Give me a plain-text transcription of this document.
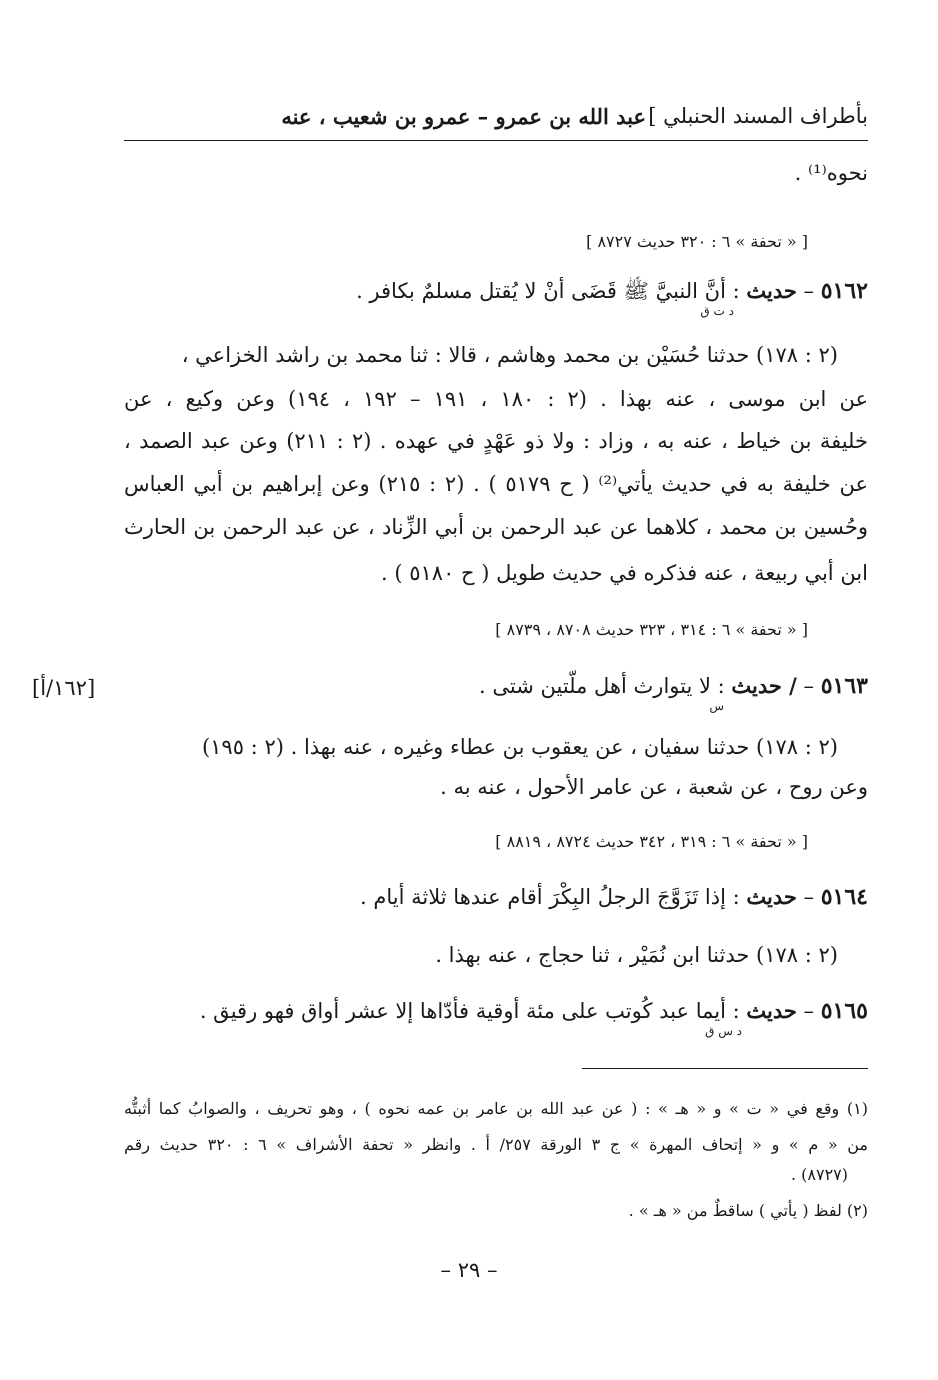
بأطراف المسند الحنبلي ]
عبد الله بن عمرو – عمرو بن شعيب ، عنه
نحوه⁽¹⁾ .
[ « تحفة » ٦ : ٣٢٠ حديث ٨٧٢٧ ]
٥١٦٢ – حديث : أنَّ النبيَّ ﷺ قَضَى أنْ لا يُقتل مسلمٌ بكافر .
د ت ق
(٢ : ١٧٨) حدثنا حُسَيْن بن محمد وهاشم ، قالا : ثنا محمد بن راشد الخزاعي ،
عن ابن موسى ، عنه بهذا . (٢ : ١٨٠ ، ١٩١ – ١٩٢ ، ١٩٤) وعن وكيع ، عن
خليفة بن خياط ، عنه به ، وزاد : ولا ذو عَهْدٍ في عهده . (٢ : ٢١١) وعن عبد الصمد ،
عن خليفة به في حديث يأتي⁽²⁾ ( ح ٥١٧٩ ) . (٢ : ٢١٥) وعن إبراهيم بن أبي العباس
وحُسين بن محمد ، كلاهما عن عبد الرحمن بن أبي الزِّناد ، عن عبد الرحمن بن الحارث
ابن أبي ربيعة ، عنه فذكره في حديث طويل ( ح ٥١٨٠ ) .
[ « تحفة » ٦ : ٣١٤ ، ٣٢٣ حديث ٨٧٠٨ ، ٨٧٣٩ ]
٥١٦٣ – / حديث : لا يتوارث أهل ملّتين شتى .
س
[١٦٢/أ]
(٢ : ١٧٨) حدثنا سفيان ، عن يعقوب بن عطاء وغيره ، عنه بهذا . (٢ : ١٩٥)
وعن روح ، عن شعبة ، عن عامر الأحول ، عنه به .
[ « تحفة » ٦ : ٣١٩ ، ٣٤٢ حديث ٨٧٢٤ ، ٨٨١٩ ]
٥١٦٤ – حديث : إذا تَزَوَّجَ الرجلُ البِكْرَ أقام عندها ثلاثة أيام .
(٢ : ١٧٨) حدثنا ابن نُمَيْر ، ثنا حجاج ، عنه بهذا .
٥١٦٥ – حديث : أيما عبد كُوتب على مئة أوقية فأدّاها إلا عشر أواق فهو رقيق .
د س ق
(١) وقع في « ت » و « هـ » : ( عن عبد الله بن عامر بن عمه نحوه ) ، وهو تحريف ، والصوابُ كما أثبتُّه
من « م » و « إتحاف المهرة » ج ٣ الورقة ٢٥٧/ أ . وانظر « تحفة الأشراف » ٦ : ٣٢٠ حديث رقم
(٨٧٢٧) .
(٢) لفظ ( يأتي ) ساقطٌ من « هـ » .
– ٢٩ –
